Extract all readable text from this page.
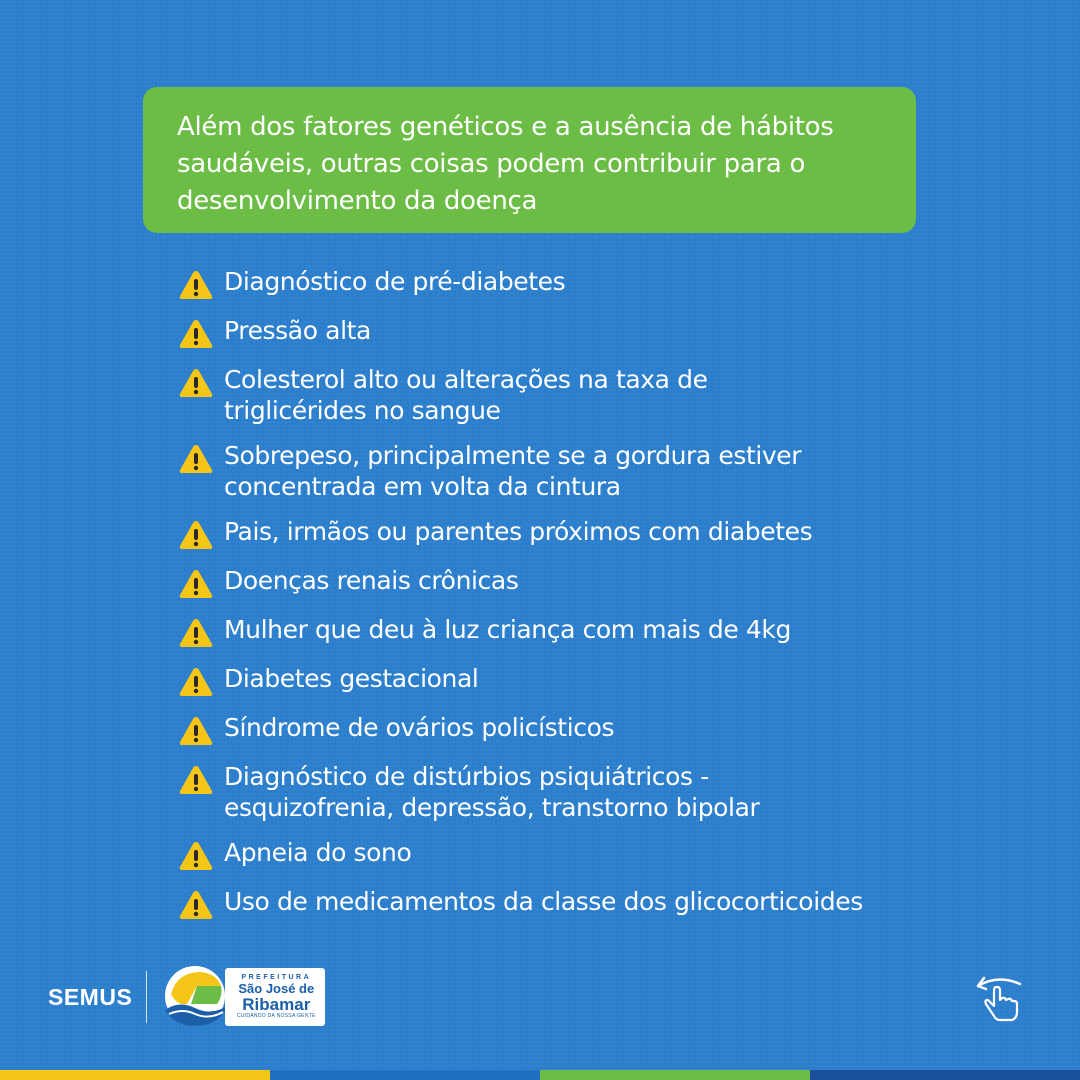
Além dos fatores genéticos e a ausência de hábitos
saudáveis, outras coisas podem contribuir para o
desenvolvimento da doença
Diagnóstico de pré-diabetes
Pressão alta
Colesterol alto ou alterações na taxa de
triglicérides no sangue
Sobrepeso, principalmente se a gordura estiver
concentrada em volta da cintura
Pais, irmãos ou parentes próximos com diabetes
Doenças renais crônicas
Mulher que deu à luz criança com mais de 4kg
Diabetes gestacional
Síndrome de ovários policísticos
Diagnóstico de distúrbios psiquiátricos -
esquizofrenia, depressão, transtorno bipolar
Apneia do sono
Uso de medicamentos da classe dos glicocorticoides
SEMUS
PREFEITURA
São José de
Ribamar
CUIDANDO DA NOSSA GENTE
